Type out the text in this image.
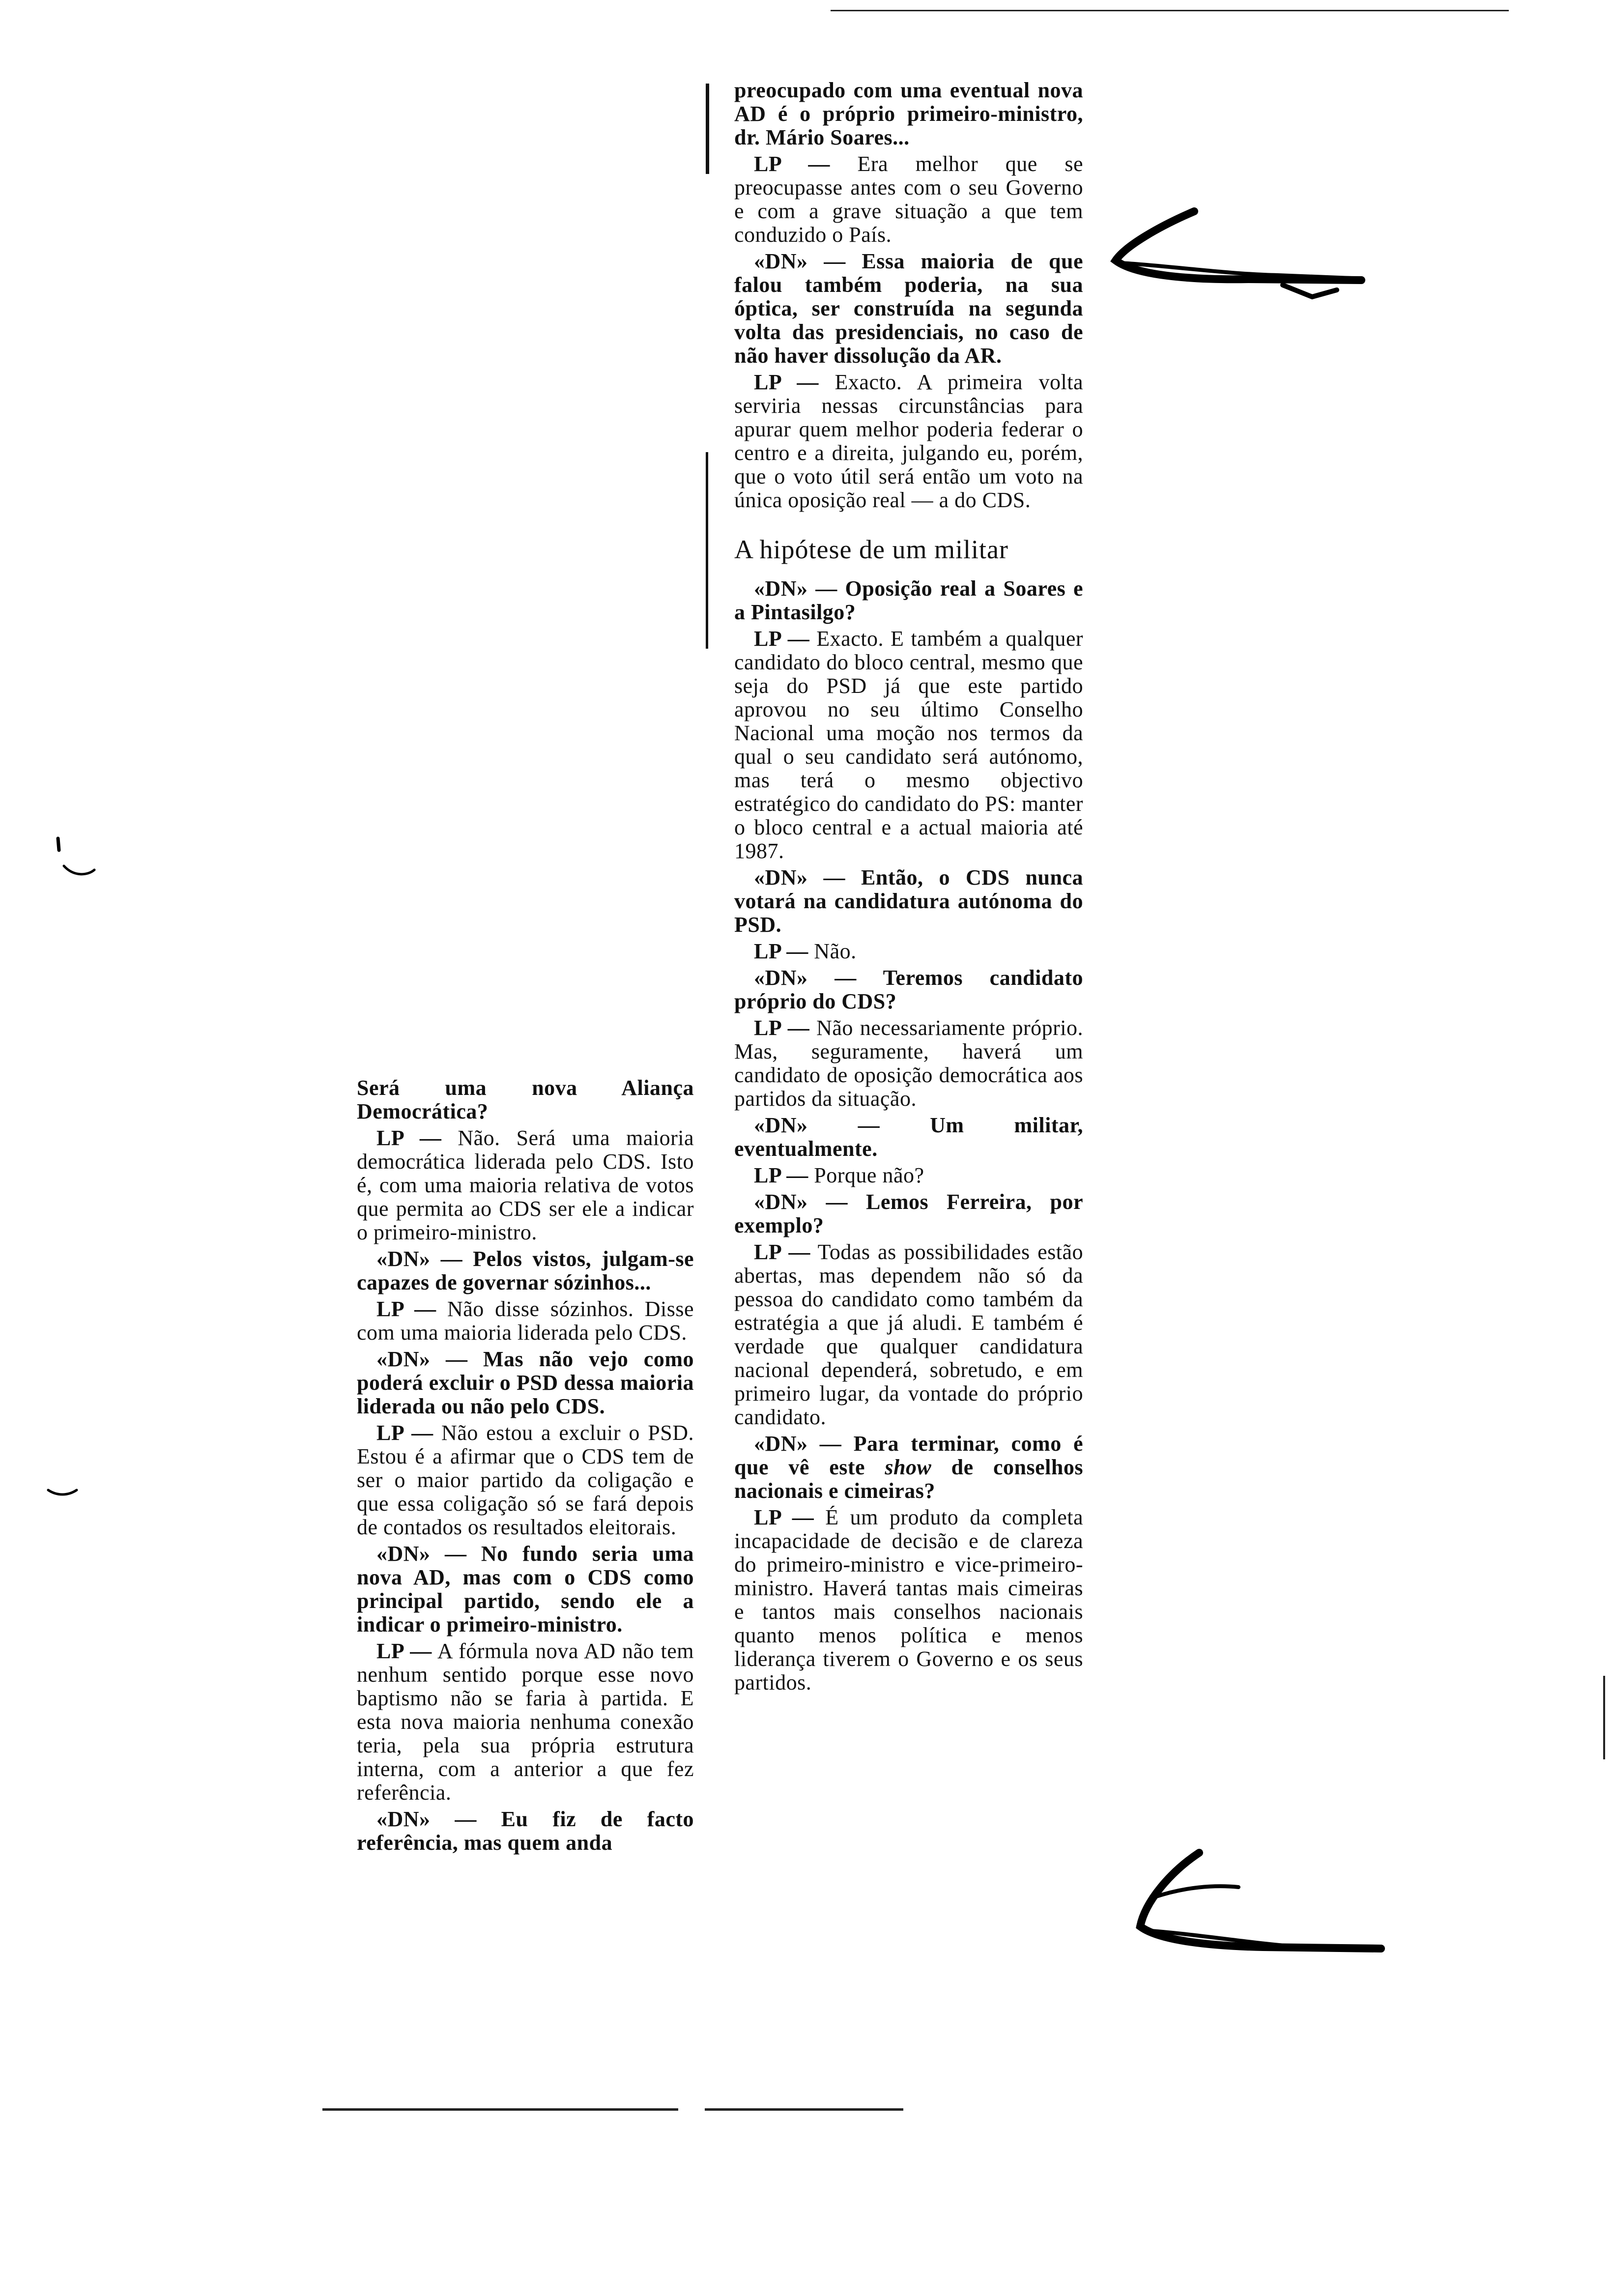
Será uma nova Aliança Democrática?

LP — Não. Será uma maioria democrática liderada pelo CDS. Isto é, com uma maioria relativa de votos que permita ao CDS ser ele a indicar o primeiro-ministro.

«DN» — Pelos vistos, julgam-se capazes de governar sózinhos...

LP — Não disse sózinhos. Disse com uma maioria liderada pelo CDS.

«DN» — Mas não vejo como poderá excluir o PSD dessa maioria liderada ou não pelo CDS.

LP — Não estou a excluir o PSD. Estou é a afirmar que o CDS tem de ser o maior partido da coligação e que essa coligação só se fará depois de contados os resultados eleitorais.

«DN» — No fundo seria uma nova AD, mas com o CDS como principal partido, sendo ele a indicar o primeiro-ministro.

LP — A fórmula nova AD não tem nenhum sentido porque esse novo baptismo não se faria à partida. E esta nova maioria nenhuma conexão teria, pela sua própria estrutura interna, com a anterior a que fez referência.

«DN» — Eu fiz de facto referência, mas quem anda

preocupado com uma eventual nova AD é o próprio primeiro-ministro, dr. Mário Soares...

LP — Era melhor que se preocupasse antes com o seu Governo e com a grave situação a que tem conduzido o País.

«DN» — Essa maioria de que falou também poderia, na sua óptica, ser construída na segunda volta das presidenciais, no caso de não haver dissolução da AR.

LP — Exacto. A primeira volta serviria nessas circunstâncias para apurar quem melhor poderia federar o centro e a direita, julgando eu, porém, que o voto útil será então um voto na única oposição real — a do CDS.

A hipótese de um militar

«DN» — Oposição real a Soares e a Pintasilgo?

LP — Exacto. E também a qualquer candidato do bloco central, mesmo que seja do PSD já que este partido aprovou no seu último Conselho Nacional uma moção nos termos da qual o seu candidato será autónomo, mas terá o mesmo objectivo estratégico do candidato do PS: manter o bloco central e a actual maioria até 1987.

«DN» — Então, o CDS nunca votará na candidatura autónoma do PSD.

LP — Não.

«DN» — Teremos candidato próprio do CDS?

LP — Não necessariamente próprio. Mas, seguramente, haverá um candidato de oposição democrática aos partidos da situação.

«DN» — Um militar, eventualmente.

LP — Porque não?

«DN» — Lemos Ferreira, por exemplo?

LP — Todas as possibilidades estão abertas, mas dependem não só da pessoa do candidato como também da estratégia a que já aludi. E também é verdade que qualquer candidatura nacional dependerá, sobretudo, e em primeiro lugar, da vontade do próprio candidato.

«DN» — Para terminar, como é que vê este show de conselhos nacionais e cimeiras?

LP — É um produto da completa incapacidade de decisão e de clareza do primeiro-ministro e vice-primeiro-ministro. Haverá tantas mais cimeiras e tantos mais conselhos nacionais quanto menos política e menos liderança tiverem o Governo e os seus partidos.
